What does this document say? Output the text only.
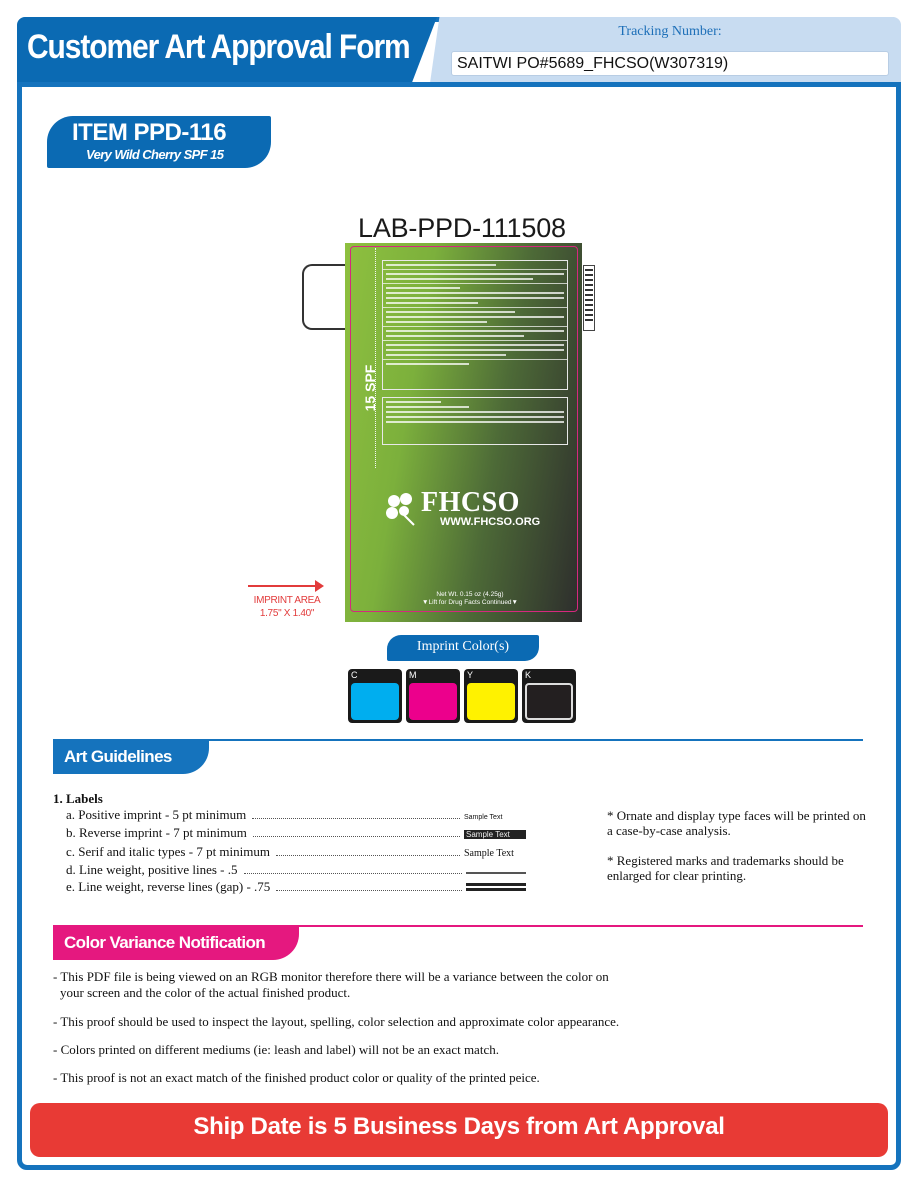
Customer Art Approval Form	Tracking Number:
SAITWI PO#5689_FHCSO(W307319)
ITEM PPD-116
Very Wild Cherry SPF 15
LAB-PPD-111508
15 SPF
FHCSO
WWW.FHCSO.ORG
Net Wt. 0.15 oz (4.25g)
▼Lift for Drug Facts Continued▼
IMPRINT AREA
1.75" X 1.40"
Imprint Color(s)
C	M	Y	K
Art Guidelines
1. Labels
a. Positive imprint - 5 pt minimum	Sample Text
b. Reverse imprint - 7 pt minimum	Sample Text
c. Serif and italic types - 7 pt minimum	Sample Text
d. Line weight, positive lines - .5
e. Line weight, reverse lines (gap) - .75
* Ornate and display type faces will be printed on a case-by-case analysis.
* Registered marks and trademarks should be enlarged for clear printing.
Color Variance Notification
- This PDF file is being viewed on an RGB monitor therefore there will be a variance between the color on
your screen and the color of the actual finished product.
- This proof should be used to inspect the layout, spelling, color selection and approximate color appearance.
- Colors printed on different mediums (ie: leash and label) will not be an exact match.
- This proof is not an exact match of the finished product color or quality of the printed peice.
Ship Date is 5 Business Days from Art Approval
